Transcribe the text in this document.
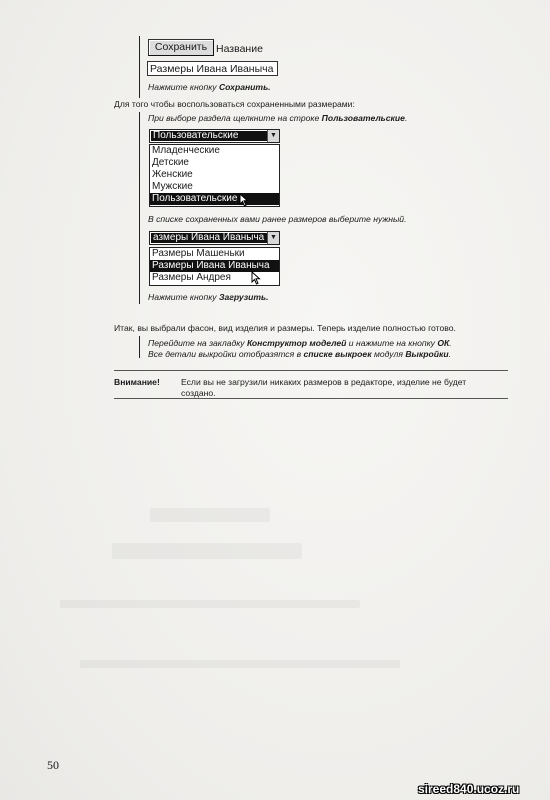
Сохранить Название
Размеры Ивана Иваныча
Нажмите кнопку Сохранить.
Для того чтобы воспользоваться сохраненными размерами:
При выборе раздела щелкните на строке Пользовательские.
Пользовательские	▼
Младенческие
Детские
Женские
Мужские
Пользовательские
В списке сохраненных вами ранее размеров выберите нужный.
азмеры Ивана Иваныча ▼
Размеры Машеньки
Размеры Ивана Иваныча
Размеры Андрея
Нажмите кнопку Загрузить.
Итак, вы выбрали фасон, вид изделия и размеры. Теперь изделие полностью готово.
Перейдите на закладку Конструктор моделей и нажмите на кнопку ОК.
Все детали выкройки отобразятся в списке выкроек модуля Выкройки.
Внимание! Если вы не загрузили никаких размеров в редакторе, изделие не будет создано.
50
sireed840.ucoz.ru
